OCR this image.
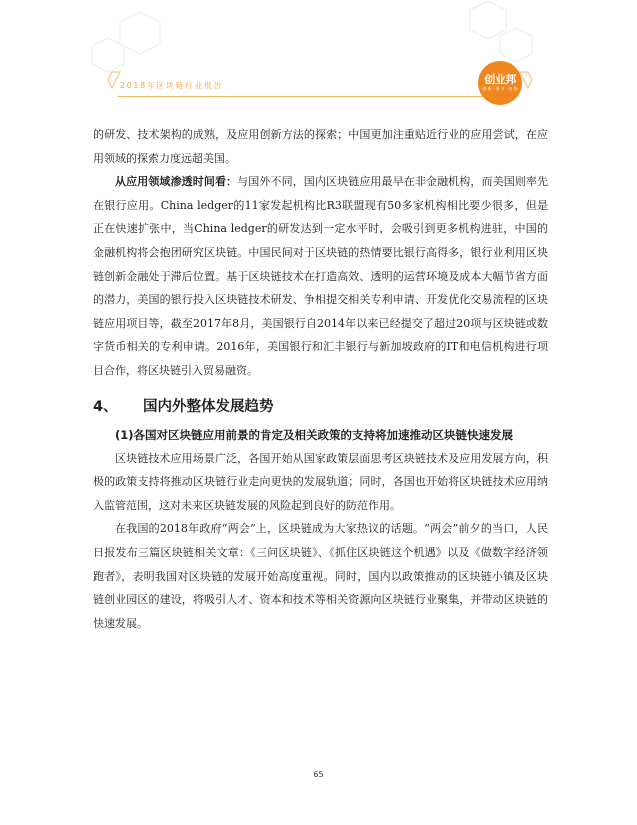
2018年区块链行业报告	创业邦
创 新 · 创 业 · 创 投

的研发、技术架构的成熟，及应用创新方法的探索；中国更加注重贴近行业的应用尝试，在应用领域的探索力度远超美国。

从应用领域渗透时间看：与国外不同，国内区块链应用最早在非金融机构，而美国则率先在银行应用。China ledger的11家发起机构比R3联盟现有50多家机构相比要少很多，但是正在快速扩张中，当China ledger的研发达到一定水平时，会吸引到更多机构进驻，中国的金融机构将会抱团研究区块链。中国民间对于区块链的热情要比银行高得多，银行业利用区块链创新金融处于滞后位置。基于区块链技术在打造高效、透明的运营环境及成本大幅节省方面的潜力，美国的银行投入区块链技术研发、争相提交相关专利申请、开发优化交易流程的区块链应用项目等，截至2017年8月，美国银行自2014年以来已经提交了超过20项与区块链或数字货币相关的专利申请。2016年，美国银行和汇丰银行与新加坡政府的IT和电信机构进行项目合作，将区块链引入贸易融资。

4、 国内外整体发展趋势

(1)各国对区块链应用前景的肯定及相关政策的支持将加速推动区块链快速发展

区块链技术应用场景广泛，各国开始从国家政策层面思考区块链技术及应用发展方向，积极的政策支持将推动区块链行业走向更快的发展轨道；同时，各国也开始将区块链技术应用纳入监管范围，这对未来区块链发展的风险起到良好的防范作用。

在我国的2018年政府“两会”上，区块链成为大家热议的话题。“两会”前夕的当口，人民日报发布三篇区块链相关文章：《三问区块链》、《抓住区块链这个机遇》以及《做数字经济领跑者》，表明我国对区块链的发展开始高度重视。同时，国内以政策推动的区块链小镇及区块链创业园区的建设，将吸引人才、资本和技术等相关资源向区块链行业聚集，并带动区块链的快速发展。

65
